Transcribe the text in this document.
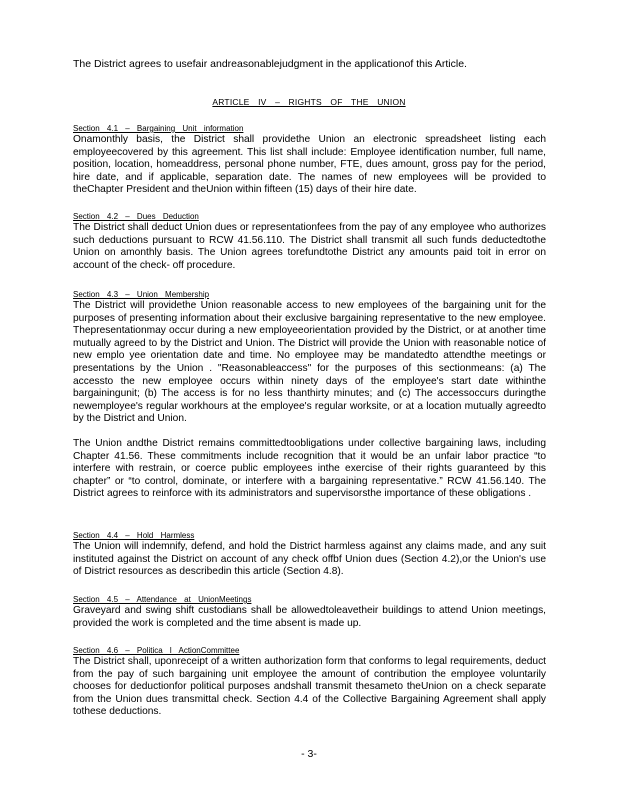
The District agrees to usefair andreasonablejudgment in the applicationof this Article.
ARTICLE IV – RIGHTS OF THE UNION
Section 4.1 – Bargaining Unit information

Onamonthly basis, the District shall providethe Union an electronic spreadsheet listing each employeecovered by this agreement. This list shall include: Employee identification number, full name, position, location, homeaddress, personal phone number, FTE, dues amount, gross pay for the period, hire date, and if applicable, separation date. The names of new employees will be provided to theChapter President and theUnion within fifteen (15) days of their hire date.

Section 4.2 – Dues Deduction

The District shall deduct Union dues or representationfees from the pay of any employee who authorizes such deductions pursuant to RCW 41.56.110. The District shall transmit all such funds deductedtothe Union on amonthly basis. The Union agrees torefundtothe District any amounts paid toit in error on account of the check- off procedure.

Section 4.3 – Union Membership

The District will providethe Union reasonable access to new employees of the bargaining unit for the purposes of presenting information about their exclusive bargaining representative to the new employee. Thepresentationmay occur during a new employeeorientation provided by the District, or at another time mutually agreed to by the District and Union. The District will provide the Union with reasonable notice of new emplo yee orientation date and time. No employee may be mandatedto attendthe meetings or presentations by the Union . "Reasonableaccess" for the purposes of this sectionmeans: (a) The accessto the new employee occurs within ninety days of the employee's start date withinthe bargainingunit; (b) The access is for no less thanthirty minutes; and (c) The accessoccurs duringthe newemployee's regular workhours at the employee's regular worksite, or at a location mutually agreedto by the District and Union.

The Union andthe District remains committedtoobligations under collective bargaining laws, including Chapter 41.56. These commitments include recognition that it would be an unfair labor practice “to interfere with restrain, or coerce public employees inthe exercise of their rights guaranteed by this chapter” or “to control, dominate, or interfere with a bargaining representative.” RCW 41.56.140. The District agrees to reinforce with its administrators and supervisorsthe importance of these obligations .

Section 4.4 – Hold Harmless

The Union will indemnify, defend, and hold the District harmless against any claims made, and any suit instituted against the District on account of any check offbf Union dues (Section 4.2),or the Union's use of District resources as describedin this article (Section 4.8).

Section 4.5 – Attendance at UnionMeetings

Graveyard and swing shift custodians shall be allowedtoleavetheir buildings to attend Union meetings, provided the work is completed and the time absent is made up.

Section 4.6 – Politica l ActionCommittee

The District shall, uponreceipt of a written authorization form that conforms to legal requirements, deduct from the pay of such bargaining unit employee the amount of contribution the employee voluntarily chooses for deductionfor political purposes andshall transmit thesameto theUnion on a check separate from the Union dues transmittal check. Section 4.4 of the Collective Bargaining Agreement shall apply tothese deductions.

- 3-
